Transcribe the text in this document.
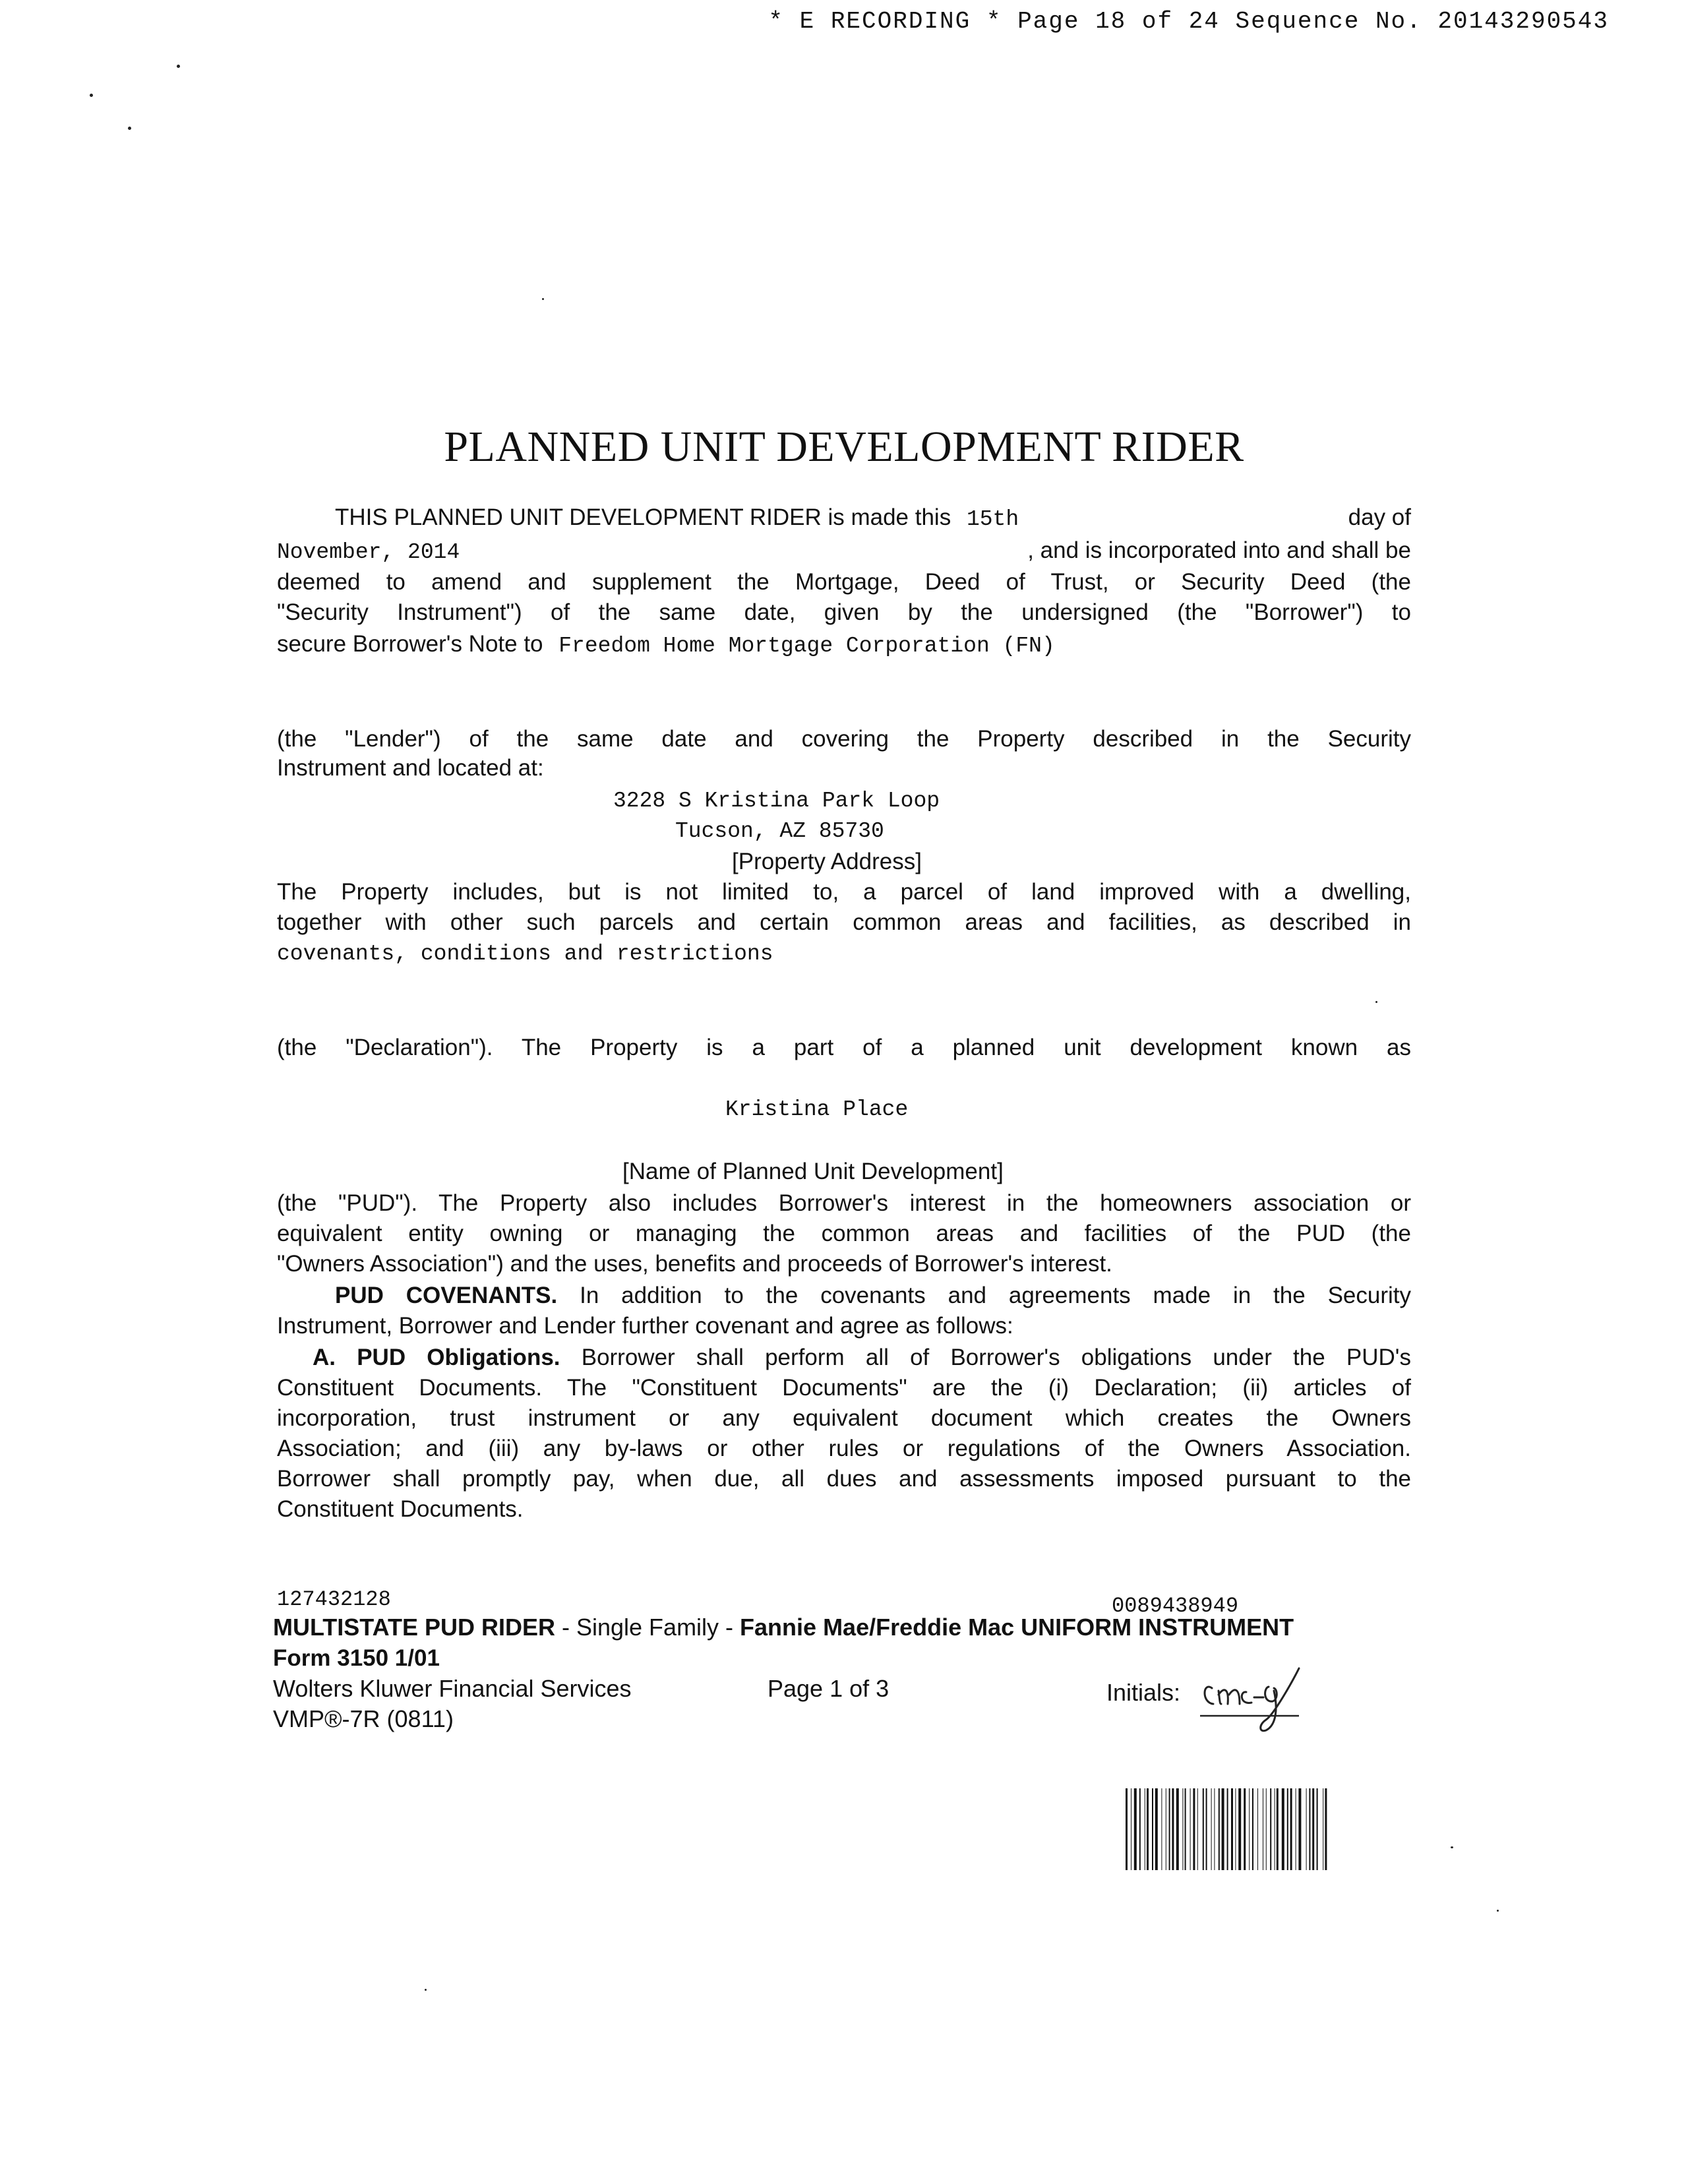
* E RECORDING * Page 18 of 24 Sequence No. 20143290543
PLANNED UNIT DEVELOPMENT RIDER
THIS PLANNED UNIT DEVELOPMENT RIDER is made this 15th	day of
November, 2014	, and is incorporated into and shall be
deemed to amend and supplement the Mortgage, Deed of Trust, or Security Deed (the
"Security Instrument") of the same date, given by the undersigned (the "Borrower") to
secure Borrower's Note to Freedom Home Mortgage Corporation (FN)
(the "Lender") of the same date and covering the Property described in the Security
Instrument and located at:
3228 S Kristina Park Loop
Tucson, AZ 85730
[Property Address]
The Property includes, but is not limited to, a parcel of land improved with a dwelling,
together with other such parcels and certain common areas and facilities, as described in
covenants, conditions and restrictions
(the "Declaration"). The Property is a part of a planned unit development known as
Kristina Place
[Name of Planned Unit Development]
(the "PUD"). The Property also includes Borrower's interest in the homeowners association or
equivalent entity owning or managing the common areas and facilities of the PUD (the
"Owners Association") and the uses, benefits and proceeds of Borrower's interest.
PUD COVENANTS. In addition to the covenants and agreements made in the Security
Instrument, Borrower and Lender further covenant and agree as follows:
A. PUD Obligations. Borrower shall perform all of Borrower's obligations under the PUD's
Constituent Documents. The "Constituent Documents" are the (i) Declaration; (ii) articles of
incorporation, trust instrument or any equivalent document which creates the Owners
Association; and (iii) any by-laws or other rules or regulations of the Owners Association.
Borrower shall promptly pay, when due, all dues and assessments imposed pursuant to the
Constituent Documents.
127432128	0089438949
MULTISTATE PUD RIDER - Single Family - Fannie Mae/Freddie Mac UNIFORM INSTRUMENT
Form 3150 1/01
Wolters Kluwer Financial Services	Page 1 of 3	Initials:
VMP®-7R (0811)
